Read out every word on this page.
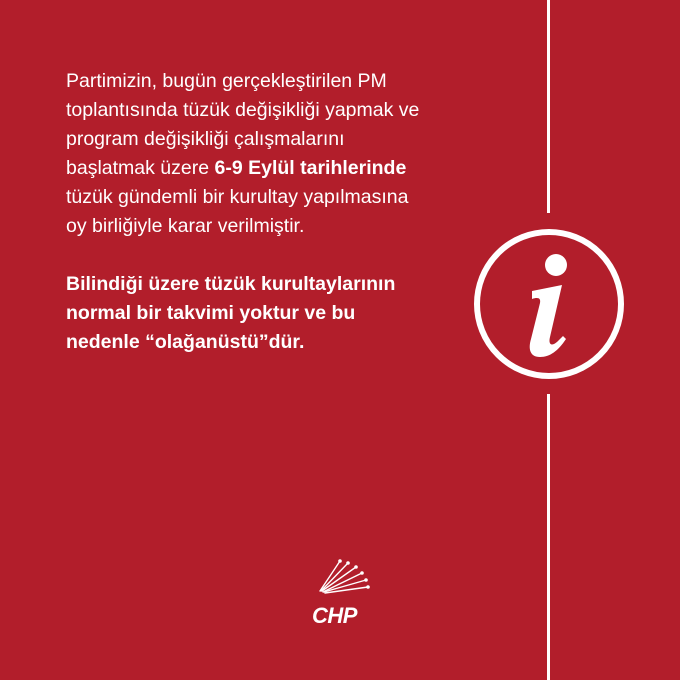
Partimizin, bugün gerçekleştirilen PM toplantısında tüzük değişikliği yapmak ve program değişikliği çalışmalarını başlatmak üzere 6-9 Eylül tarihlerinde tüzük gündemli bir kurultay yapılmasına oy birliğiyle karar verilmiştir.

Bilindiği üzere tüzük kurultaylarının normal bir takvimi yoktur ve bu nedenle “olağanüstü”dür.

CHP
